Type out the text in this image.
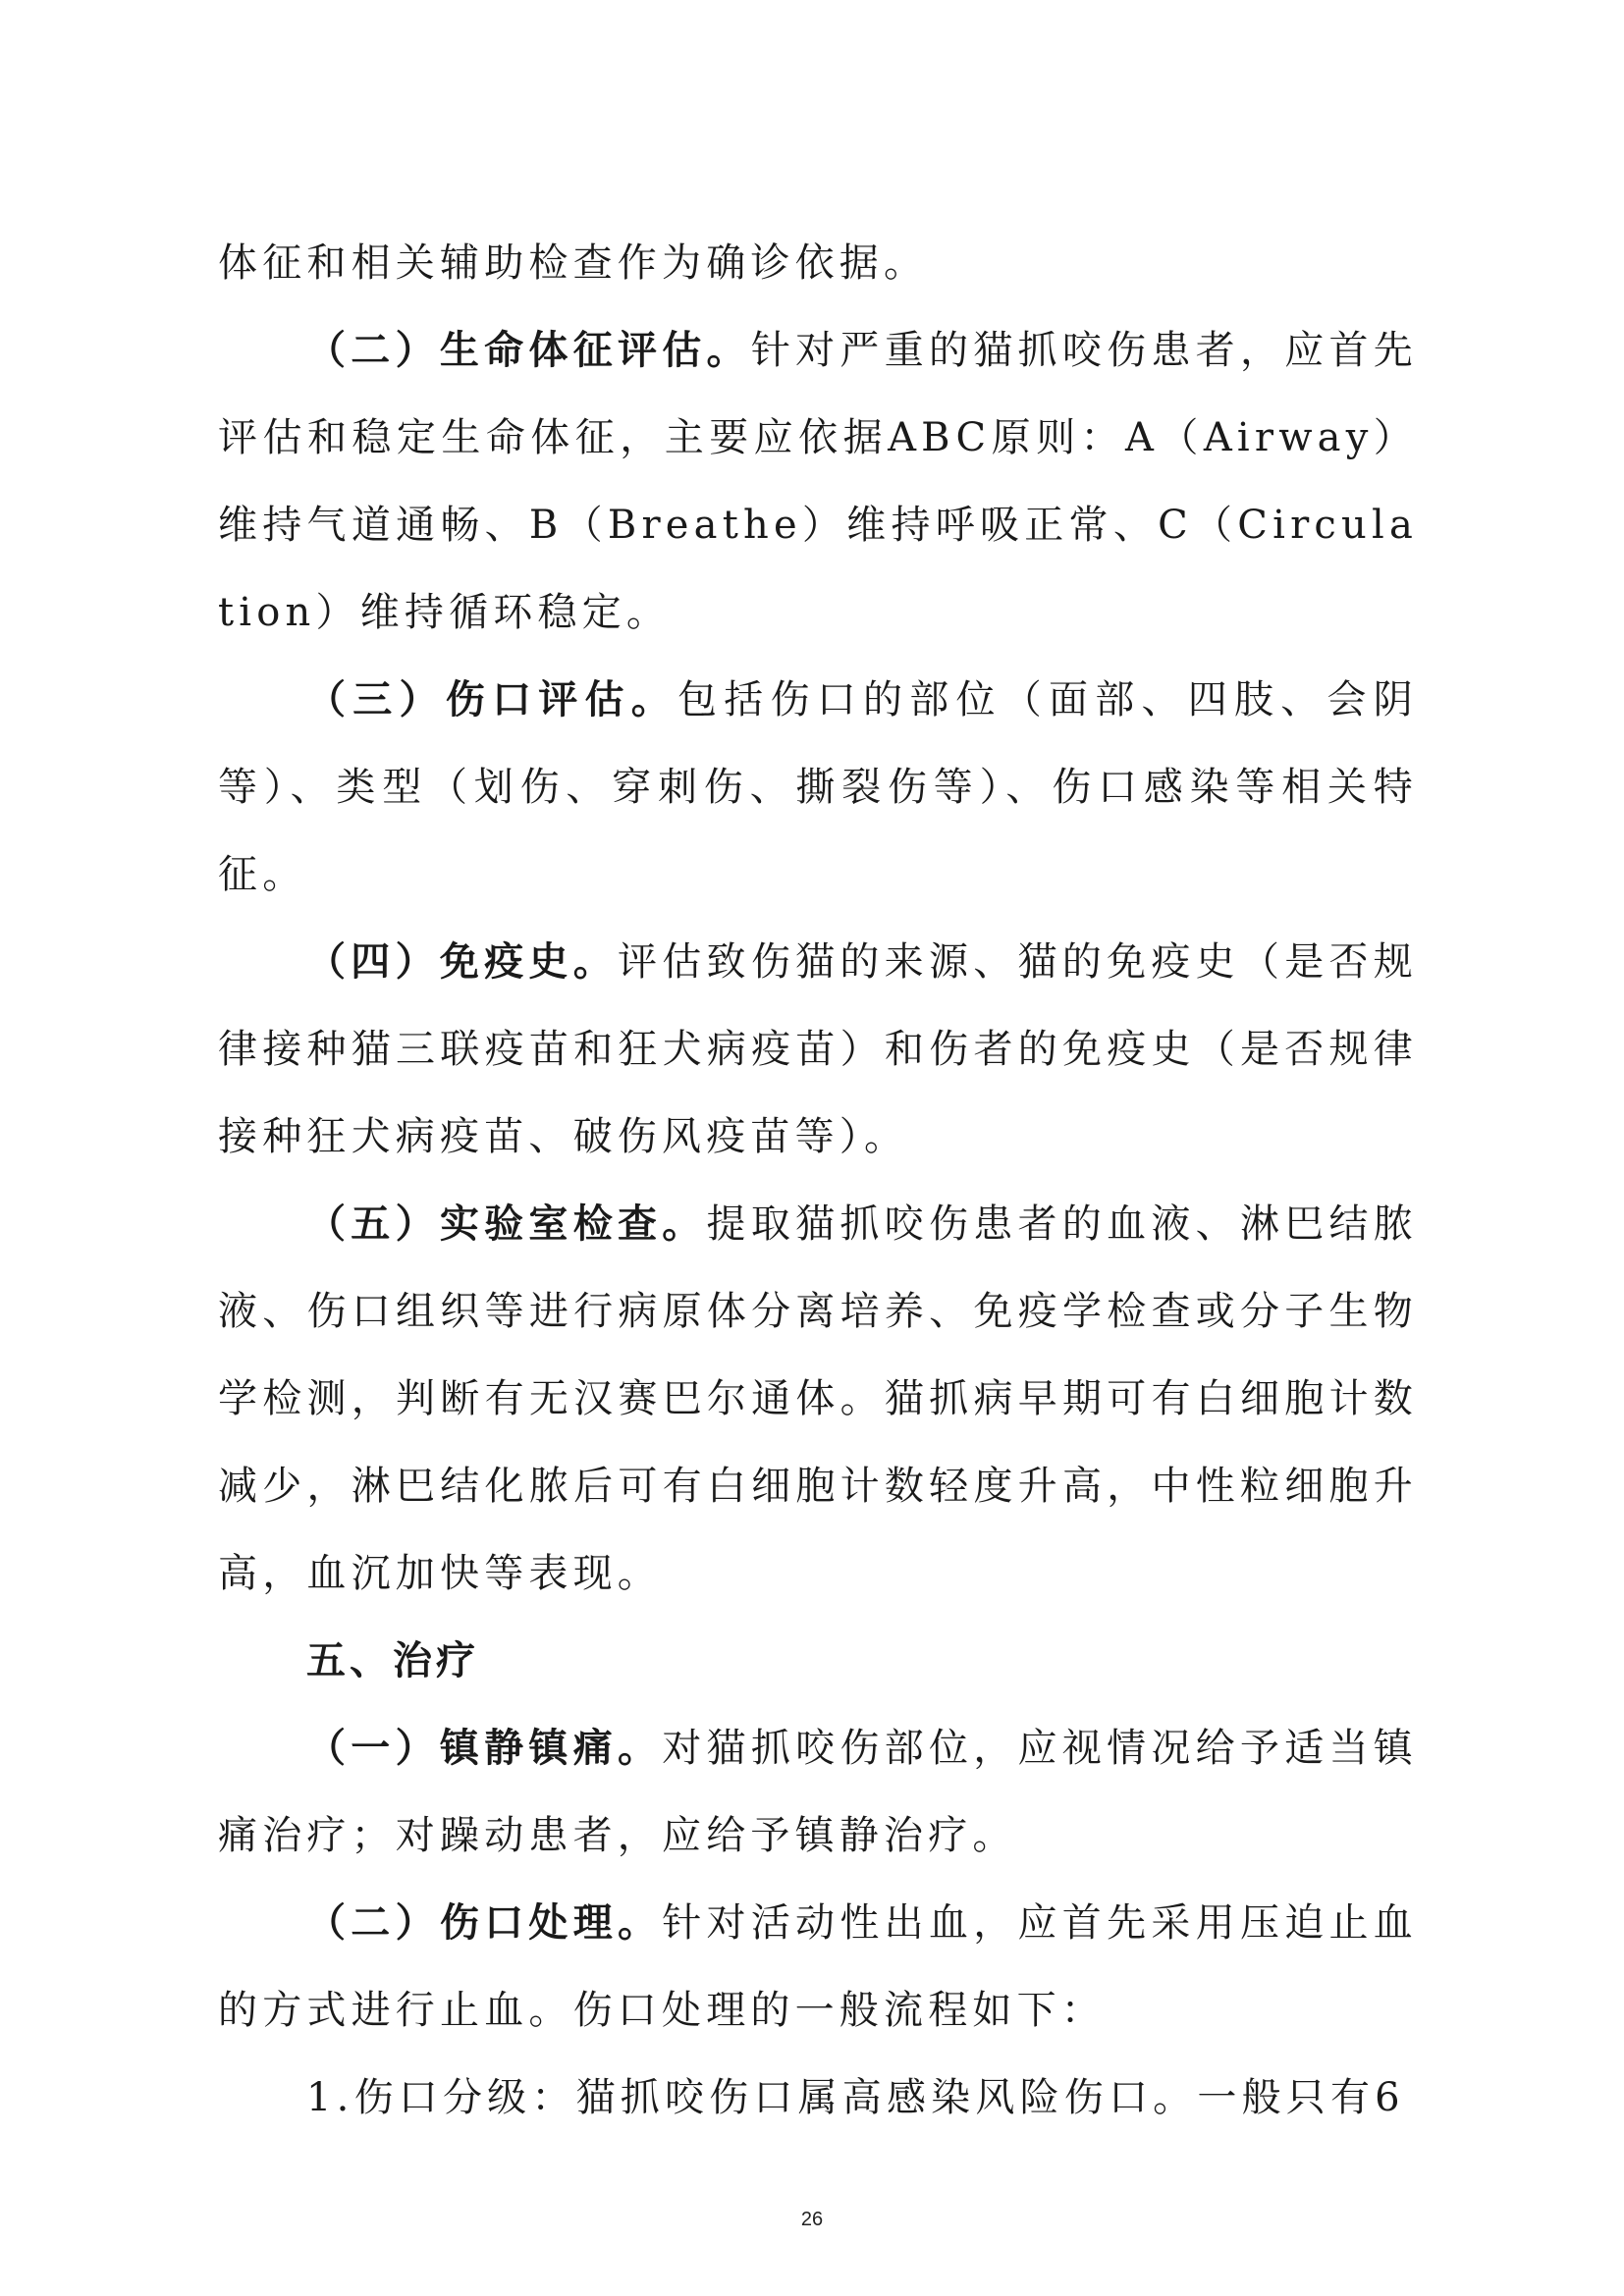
体征和相关辅助检查作为确诊依据。

（二）生命体征评估。针对严重的猫抓咬伤患者，应首先评估和稳定生命体征，主要应依据ABC原则：A（Airway）维持气道通畅、B（Breathe）维持呼吸正常、C（Circulation）维持循环稳定。

（三）伤口评估。包括伤口的部位（面部、四肢、会阴等）、类型（划伤、穿刺伤、撕裂伤等）、伤口感染等相关特征。

（四）免疫史。评估致伤猫的来源、猫的免疫史（是否规律接种猫三联疫苗和狂犬病疫苗）和伤者的免疫史（是否规律接种狂犬病疫苗、破伤风疫苗等）。

（五）实验室检查。提取猫抓咬伤患者的血液、淋巴结脓液、伤口组织等进行病原体分离培养、免疫学检查或分子生物学检测，判断有无汉赛巴尔通体。猫抓病早期可有白细胞计数减少，淋巴结化脓后可有白细胞计数轻度升高，中性粒细胞升高，血沉加快等表现。

五、治疗

（一）镇静镇痛。对猫抓咬伤部位，应视情况给予适当镇痛治疗；对躁动患者，应给予镇静治疗。

（二）伤口处理。针对活动性出血，应首先采用压迫止血的方式进行止血。伤口处理的一般流程如下：

1.伤口分级：猫抓咬伤口属高感染风险伤口。一般只有6

26
